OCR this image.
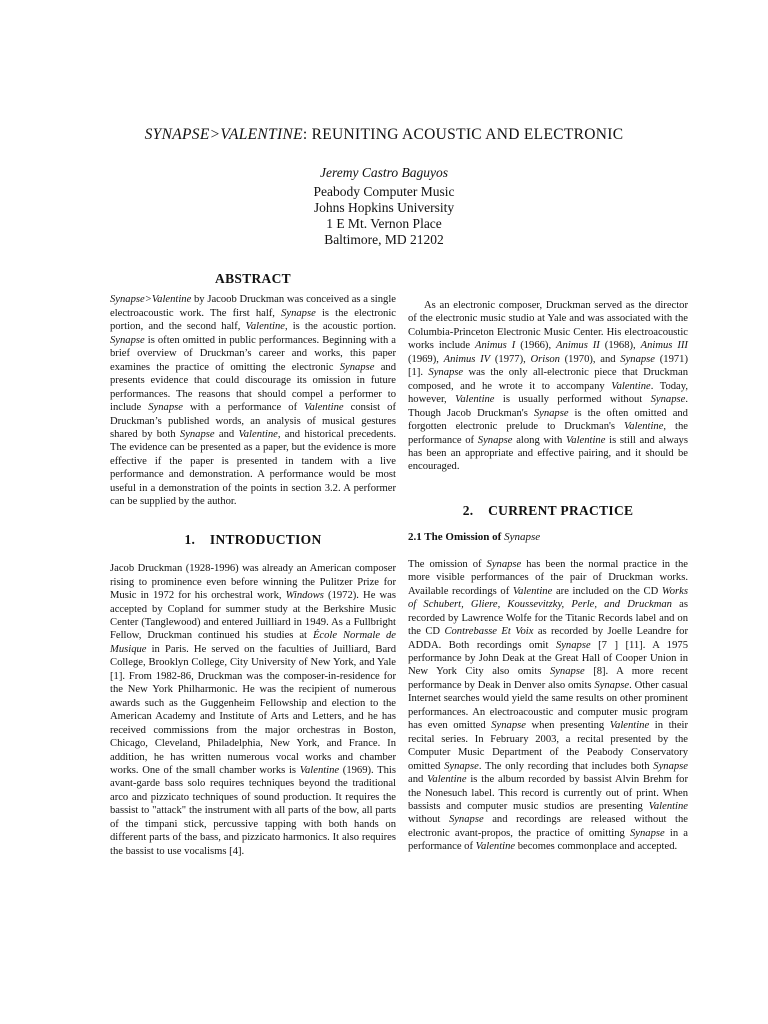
SYNAPSE>VALENTINE: REUNITING ACOUSTIC AND ELECTRONIC
Jeremy Castro Baguyos
Peabody Computer Music
Johns Hopkins University
1 E Mt. Vernon Place
Baltimore, MD 21202
ABSTRACT

Synapse>Valentine by Jacoob Druckman was conceived as a single electroacoustic work. The first half, Synapse is the electronic portion, and the second half, Valentine, is the acoustic portion. Synapse is often omitted in public performances. Beginning with a brief overview of Druckman’s career and works, this paper examines the practice of omitting the electronic Synapse and presents evidence that could discourage its omission in future performances. The reasons that should compel a performer to include Synapse with a performance of Valentine consist of Druckman’s published words, an analysis of musical gestures shared by both Synapse and Valentine, and historical precedents. The evidence can be presented as a paper, but the evidence is more effective if the paper is presented in tandem with a live performance and demonstration. A performance would be most useful in a demonstration of the points in section 3.2. A performer can be supplied by the author.

1.    INTRODUCTION

Jacob Druckman (1928-1996) was already an American composer rising to prominence even before winning the Pulitzer Prize for Music in 1972 for his orchestral work, Windows (1972). He was accepted by Copland for summer study at the Berkshire Music Center (Tanglewood) and entered Juilliard in 1949. As a Fullbright Fellow, Druckman continued his studies at École Normale de Musique in Paris. He served on the faculties of Juilliard, Bard College, Brooklyn College, City University of New York, and Yale [1]. From 1982-86, Druckman was the composer-in-residence for the New York Philharmonic. He was the recipient of numerous awards such as the Guggenheim Fellowship and election to the American Academy and Institute of Arts and Letters, and he has received commissions from the major orchestras in Boston, Chicago, Cleveland, Philadelphia, New York, and France. In addition, he has written numerous vocal works and chamber works. One of the small chamber works is Valentine (1969). This avant-garde bass solo requires techniques beyond the traditional arco and pizzicato techniques of sound production. It requires the bassist to "attack" the instrument with all parts of the bow, all parts of the timpani stick, percussive tapping with both hands on different parts of the bass, and pizzicato harmonics. It also requires the bassist to use vocalisms [4].

As an electronic composer, Druckman served as the director of the electronic music studio at Yale and was associated with the Columbia-Princeton Electronic Music Center. His electroacoustic works include Animus I (1966), Animus II (1968), Animus III (1969), Animus IV (1977), Orison (1970), and Synapse (1971) [1]. Synapse was the only all-electronic piece that Druckman composed, and he wrote it to accompany Valentine. Today, however, Valentine is usually performed without Synapse. Though Jacob Druckman's Synapse is the often omitted and forgotten electronic prelude to Druckman's Valentine, the performance of Synapse along with Valentine is still and always has been an appropriate and effective pairing, and it should be encouraged.

2.    CURRENT PRACTICE
2.1 The Omission of Synapse

The omission of Synapse has been the normal practice in the more visible performances of the pair of Druckman works. Available recordings of Valentine are included on the CD Works of Schubert, Gliere, Koussevitzky, Perle, and Druckman as recorded by Lawrence Wolfe for the Titanic Records label and on the CD Contrebasse Et Voix as recorded by Joelle Leandre for ADDA. Both recordings omit Synapse [7 ] [11]. A 1975 performance by John Deak at the Great Hall of Cooper Union in New York City also omits Synapse [8]. A more recent performance by Deak in Denver also omits Synapse. Other casual Internet searches would yield the same results on other prominent performances. An electroacoustic and computer music program has even omitted Synapse when presenting Valentine in their recital series. In February 2003, a recital presented by the Computer Music Department of the Peabody Conservatory omitted Synapse. The only recording that includes both Synapse and Valentine is the album recorded by bassist Alvin Brehm for the Nonesuch label. This record is currently out of print. When bassists and computer music studios are presenting Valentine without Synapse and recordings are released without the electronic avant-propos, the practice of omitting Synapse in a performance of Valentine becomes commonplace and accepted.
